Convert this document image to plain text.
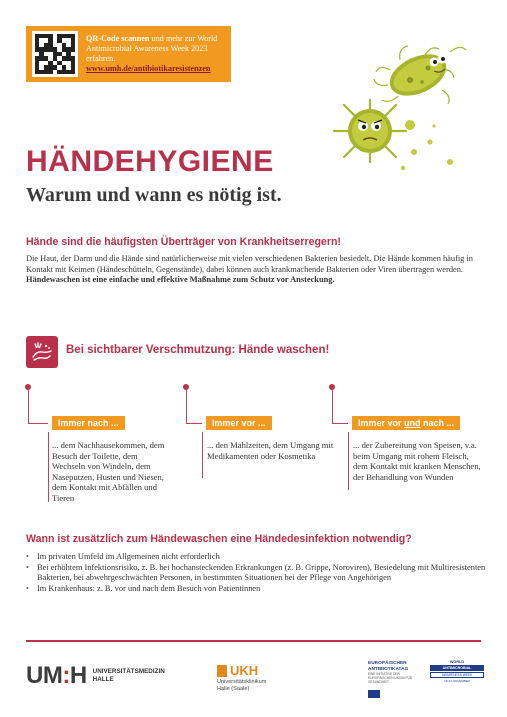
QR-Code scannen und mehr zur World Antimicrobial Awareness Week 2023 erfahren.
www.umh.de/antibiotikaresistenzen
HÄNDEHYGIENE
Warum und wann es nötig ist.
Hände sind die häufigsten Überträger von Krankheitserregern!
Die Haut, der Darm und die Hände sind natürlicherweise mit vielen verschiedenen Bakterien besiedelt. Die Hände kommen häufig in Kontakt mit Keimen (Händeschütteln, Gegenstände), dabei können auch krankmachende Bakterien oder Viren übertragen werden.
Händewaschen ist eine einfache und effektive Maßnahme zum Schutz vor Ansteckung.
Bei sichtbarer Verschmutzung: Hände waschen!
Immer nach ...
... dem Nachhausekommen, dem Besuch der Toilette, dem Wechseln von Windeln, dem Naseputzen, Husten und Niesen, dem Kontakt mit Abfällen und Tieren
Immer vor ...
... den Mahlzeiten, dem Umgang mit Medikamenten oder Kosmetika
Immer vor und nach ...
... der Zubereitung von Speisen, v.a. beim Umgang mit rohem Fleisch, dem Kontakt mit kranken Menschen, der Behandlung von Wunden
Wann ist zusätzlich zum Händewaschen eine Händedesinfektion notwendig?
• Im privaten Umfeld im Allgemeinen nicht erforderlich
• Bei erhöhtem Infektionsrisiko, z. B. bei hochansteckenden Erkrankungen (z. B. Grippe, Noroviren), Besiedelung mit Multiresistenten Bakterien, bei abwehrgeschwächten Personen, in bestimmten Situationen bei der Pflege von Angehörigen
• Im Krankenhaus: z. B. vor und nach dem Besuch von Patientinnen
UM:H UNIVERSITÄTSMEDIZIN
HALLE
UKH
Universitätsklinikum
Halle (Saale)
EUROPÄISCHER
ANTIBIOTIKATAG
EINE INITIATIVE DER EUROPÄISCHEN UNION FÜR GESUNDHEIT
WORLD
ANTIMICROBIAL
AWARENESS WEEK
18-24 NOVEMBER
